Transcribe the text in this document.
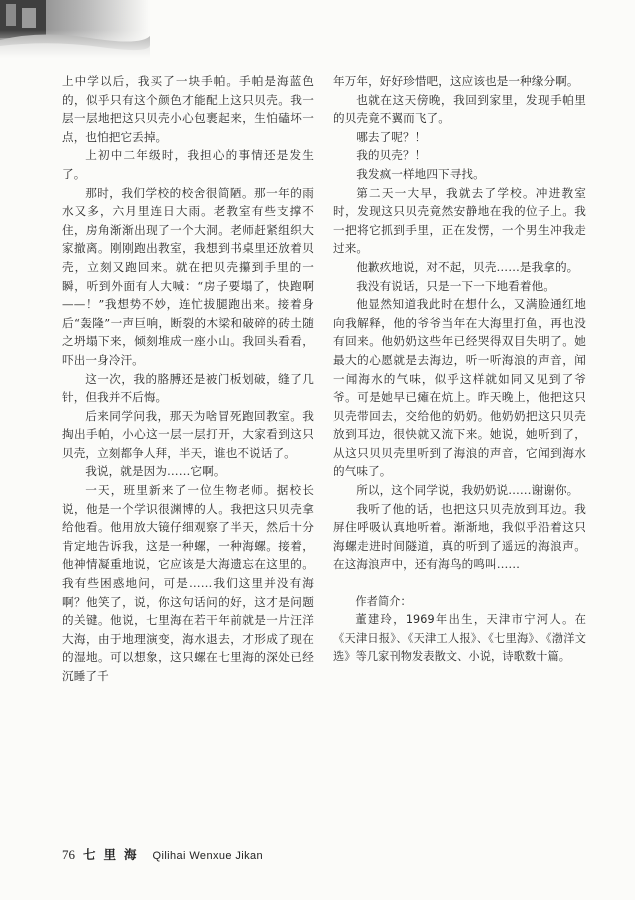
上中学以后，我买了一块手帕。手帕是海蓝色的，似乎只有这个颜色才能配上这只贝壳。我一层一层地把这只贝壳小心包裹起来，生怕磕坏一点，也怕把它丢掉。

上初中二年级时，我担心的事情还是发生了。

那时，我们学校的校舍很简陋。那一年的雨水又多，六月里连日大雨。老教室有些支撑不住，房角渐渐出现了一个大洞。老师赶紧组织大家撤离。刚刚跑出教室，我想到书桌里还放着贝壳，立刻又跑回来。就在把贝壳攥到手里的一瞬，听到外面有人大喊：“房子要塌了，快跑啊——！”我想势不妙，连忙拔腿跑出来。接着身后“轰隆”一声巨响，断裂的木梁和破碎的砖土随之坍塌下来，倾刻堆成一座小山。我回头看看，吓出一身冷汗。

这一次，我的胳膊还是被门板划破，缝了几针，但我并不后悔。

后来同学问我，那天为啥冒死跑回教室。我掏出手帕，小心这一层一层打开，大家看到这只贝壳，立刻都争人拜，半天，谁也不说话了。

我说，就是因为……它啊。

一天，班里新来了一位生物老师。据校长说，他是一个学识很渊博的人。我把这只贝壳拿给他看。他用放大镜仔细观察了半天，然后十分肯定地告诉我，这是一种螺，一种海螺。接着，他神情凝重地说，它应该是大海遗忘在这里的。我有些困惑地问，可是……我们这里并没有海啊？他笑了，说，你这句话问的好，这才是问题的关键。他说，七里海在若干年前就是一片汪洋大海，由于地理演变，海水退去，才形成了现在的湿地。可以想象，这只螺在七里海的深处已经沉睡了千

年万年，好好珍惜吧，这应该也是一种缘分啊。

也就在这天傍晚，我回到家里，发现手帕里的贝壳竟不翼而飞了。

哪去了呢？！

我的贝壳？！

我发疯一样地四下寻找。

第二天一大早，我就去了学校。冲进教室时，发现这只贝壳竟然安静地在我的位子上。我一把将它抓到手里，正在发愣，一个男生冲我走过来。

他歉疚地说，对不起，贝壳……是我拿的。

我没有说话，只是一下一下地看着他。

他显然知道我此时在想什么，又满脸通红地向我解释，他的爷爷当年在大海里打鱼，再也没有回来。他奶奶这些年已经哭得双目失明了。她最大的心愿就是去海边，听一听海浪的声音，闻一闻海水的气味，似乎这样就如同又见到了爷爷。可是她早已瘫在炕上。昨天晚上，他把这只贝壳带回去，交给他的奶奶。他奶奶把这只贝壳放到耳边，很快就又流下来。她说，她听到了，从这只贝贝壳里听到了海浪的声音，它闻到海水的气味了。

所以，这个同学说，我奶奶说……谢谢你。

我听了他的话，也把这只贝壳放到耳边。我屏住呼吸认真地听着。渐渐地，我似乎沿着这只海螺走进时间隧道，真的听到了遥远的海浪声。在这海浪声中，还有海鸟的鸣叫……

作者简介：

董建玲，1969年出生，天津市宁河人。在《天津日报》、《天津工人报》、《七里海》、《渤洋文选》等几家刊物发表散文、小说，诗歌数十篇。

76 七里海 Qilihai Wenxue Jikan
